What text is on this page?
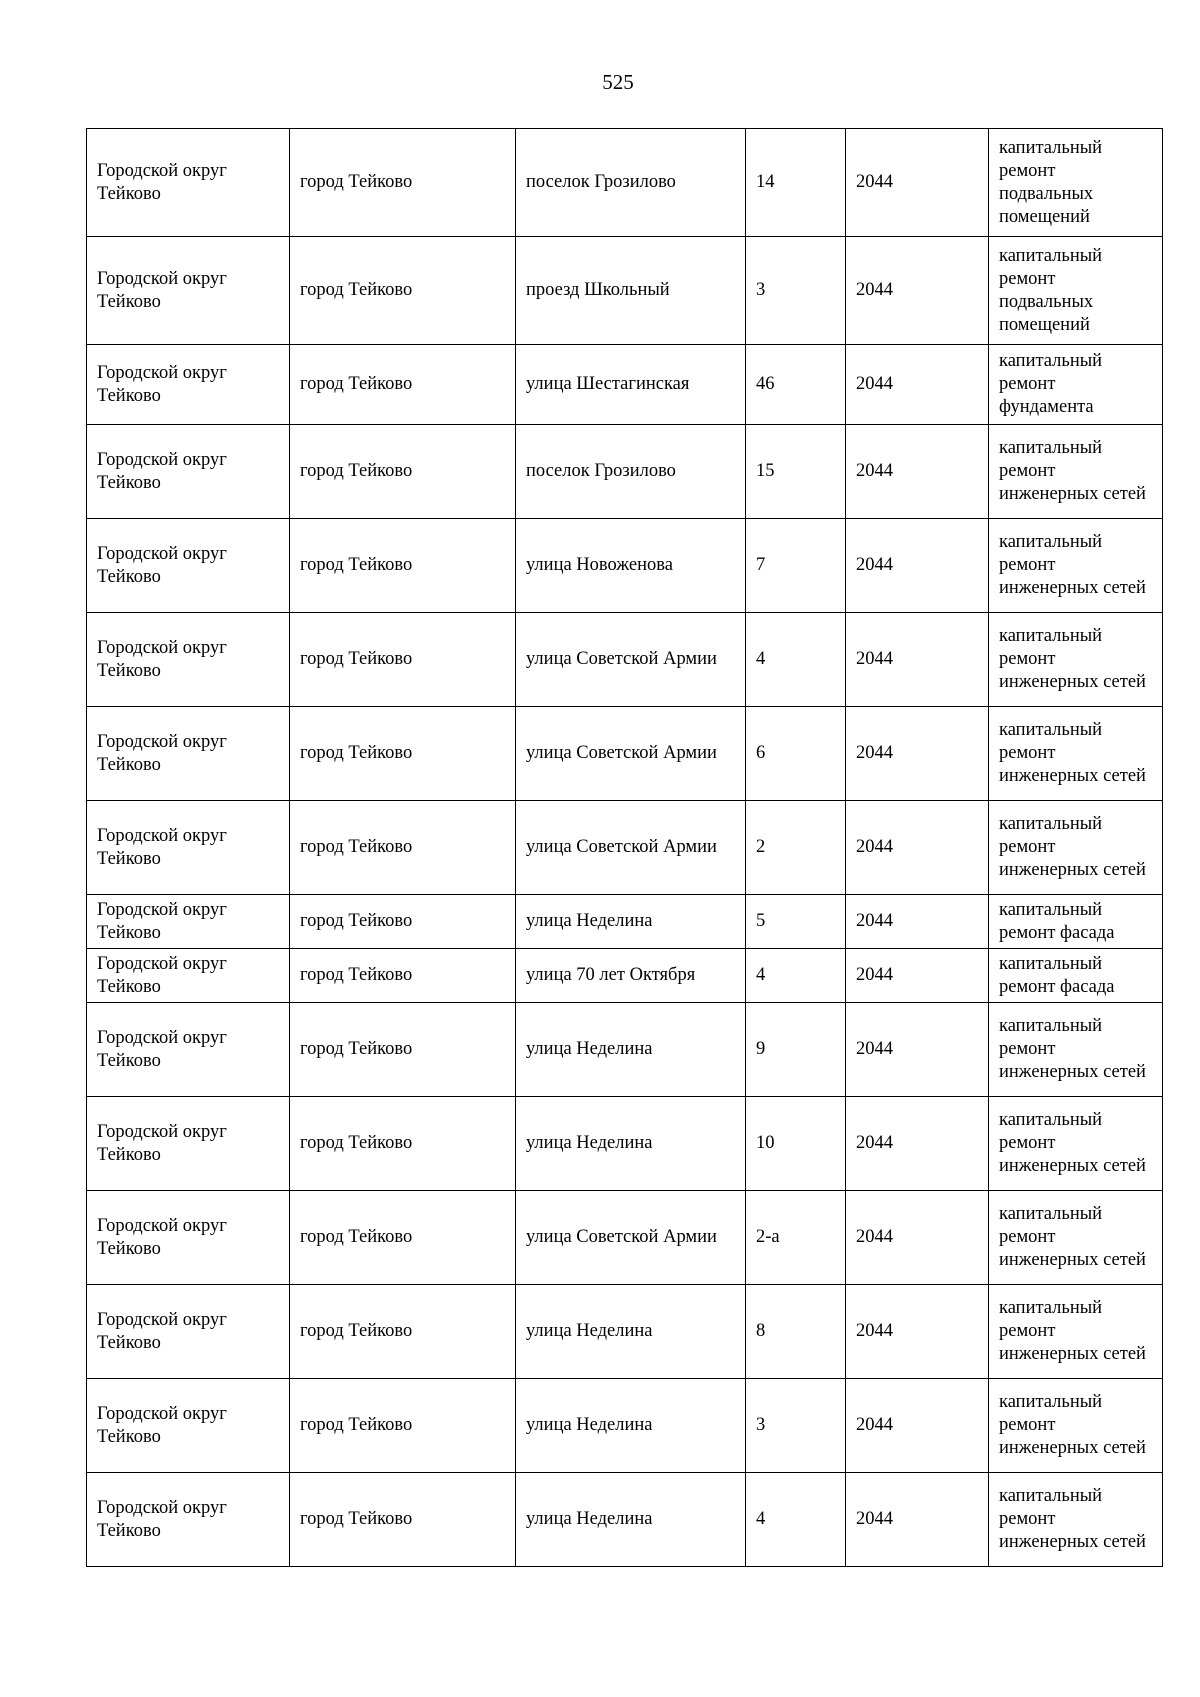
525
Городской округ Тейково	город Тейково	поселок Грозилово	14	2044	капитальный ремонт подвальных помещений
Городской округ Тейково	город Тейково	проезд Школьный	3	2044	капитальный ремонт подвальных помещений
Городской округ Тейково	город Тейково	улица Шестагинская	46	2044	капитальный ремонт фундамента
Городской округ Тейково	город Тейково	поселок Грозилово	15	2044	капитальный ремонт инженерных сетей
Городской округ Тейково	город Тейково	улица Новоженова	7	2044	капитальный ремонт инженерных сетей
Городской округ Тейково	город Тейково	улица Советской Армии	4	2044	капитальный ремонт инженерных сетей
Городской округ Тейково	город Тейково	улица Советской Армии	6	2044	капитальный ремонт инженерных сетей
Городской округ Тейково	город Тейково	улица Советской Армии	2	2044	капитальный ремонт инженерных сетей
Городской округ Тейково	город Тейково	улица Неделина	5	2044	капитальный ремонт фасада
Городской округ Тейково	город Тейково	улица 70 лет Октября	4	2044	капитальный ремонт фасада
Городской округ Тейково	город Тейково	улица Неделина	9	2044	капитальный ремонт инженерных сетей
Городской округ Тейково	город Тейково	улица Неделина	10	2044	капитальный ремонт инженерных сетей
Городской округ Тейково	город Тейково	улица Советской Армии	2-а	2044	капитальный ремонт инженерных сетей
Городской округ Тейково	город Тейково	улица Неделина	8	2044	капитальный ремонт инженерных сетей
Городской округ Тейково	город Тейково	улица Неделина	3	2044	капитальный ремонт инженерных сетей
Городской округ Тейково	город Тейково	улица Неделина	4	2044	капитальный ремонт инженерных сетей
